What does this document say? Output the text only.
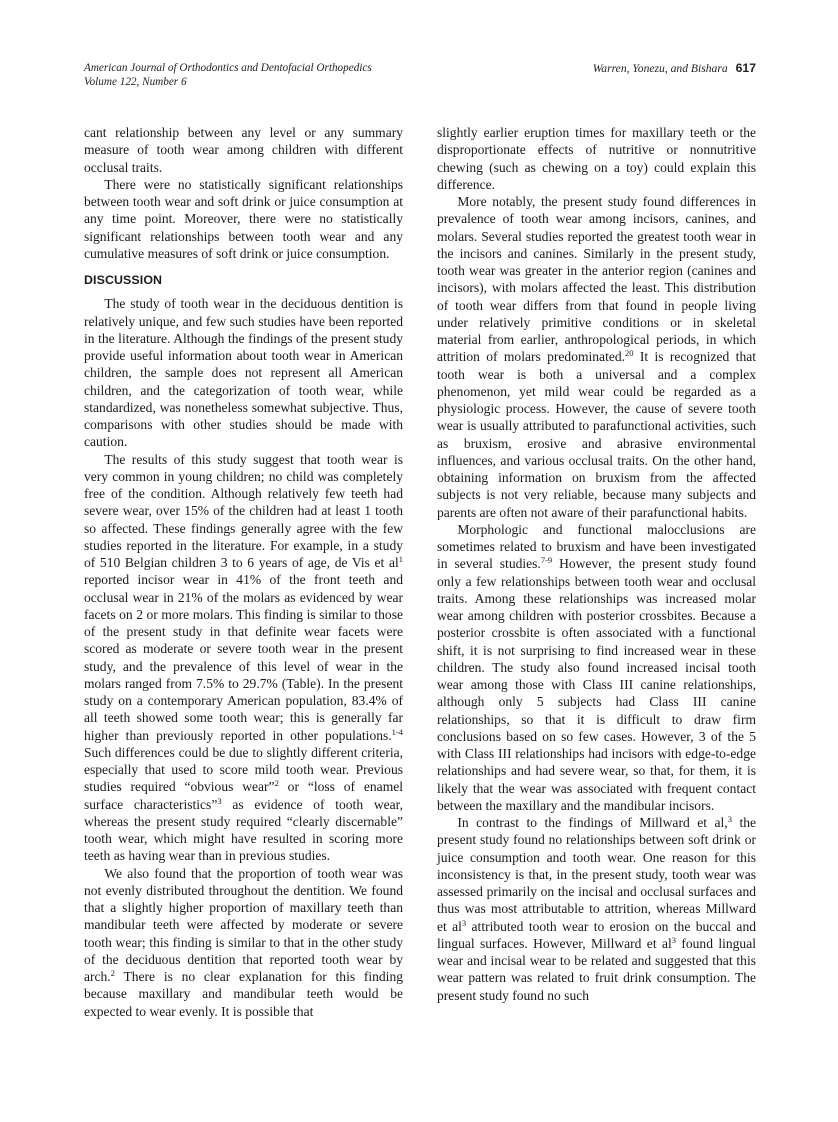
American Journal of Orthodontics and Dentofacial Orthopedics
Volume 122, Number 6
Warren, Yonezu, and Bishara 617

cant relationship between any level or any summary measure of tooth wear among children with different occlusal traits.

There were no statistically significant relationships between tooth wear and soft drink or juice consumption at any time point. Moreover, there were no statistically significant relationships between tooth wear and any cumulative measures of soft drink or juice consumption.

DISCUSSION

The study of tooth wear in the deciduous dentition is relatively unique, and few such studies have been reported in the literature. Although the findings of the present study provide useful information about tooth wear in American children, the sample does not represent all American children, and the categorization of tooth wear, while standardized, was nonetheless somewhat subjective. Thus, comparisons with other studies should be made with caution.

The results of this study suggest that tooth wear is very common in young children; no child was completely free of the condition. Although relatively few teeth had severe wear, over 15% of the children had at least 1 tooth so affected. These findings generally agree with the few studies reported in the literature. For example, in a study of 510 Belgian children 3 to 6 years of age, de Vis et $al^1$ reported incisor wear in 41% of the front teeth and occlusal wear in 21% of the molars as evidenced by wear facets on 2 or more molars. This finding is similar to those of the present study in that definite wear facets were scored as moderate or severe tooth wear in the present study, and the prevalence of this level of wear in the molars ranged from 7.5% to 29.7% (Table). In the present study on a contemporary American population, 83.4% of all teeth showed some tooth wear; this is generally far higher than previously reported in other populations.$^{1-4}$ Such differences could be due to slightly different criteria, especially that used to score mild tooth wear. Previous studies required “obvious wear”$^2$ or “loss of enamel surface characteristics”$^3$ as evidence of tooth wear, whereas the present study required “clearly discernable” tooth wear, which might have resulted in scoring more teeth as having wear than in previous studies.

We also found that the proportion of tooth wear was not evenly distributed throughout the dentition. We found that a slightly higher proportion of maxillary teeth than mandibular teeth were affected by moderate or severe tooth wear; this finding is similar to that in the other study of the deciduous dentition that reported tooth wear by arch.$^2$ There is no clear explanation for this finding because maxillary and mandibular teeth would be expected to wear evenly. It is possible that

slightly earlier eruption times for maxillary teeth or the disproportionate effects of nutritive or nonnutritive chewing (such as chewing on a toy) could explain this difference.

More notably, the present study found differences in prevalence of tooth wear among incisors, canines, and molars. Several studies reported the greatest tooth wear in the incisors and canines. Similarly in the present study, tooth wear was greater in the anterior region (canines and incisors), with molars affected the least. This distribution of tooth wear differs from that found in people living under relatively primitive conditions or in skeletal material from earlier, anthropological periods, in which attrition of molars predominated.$^{20}$ It is recognized that tooth wear is both a universal and a complex phenomenon, yet mild wear could be regarded as a physiologic process. However, the cause of severe tooth wear is usually attributed to parafunctional activities, such as bruxism, erosive and abrasive environmental influences, and various occlusal traits. On the other hand, obtaining information on bruxism from the affected subjects is not very reliable, because many subjects and parents are often not aware of their parafunctional habits.

Morphologic and functional malocclusions are sometimes related to bruxism and have been investigated in several studies.$^{7-9}$ However, the present study found only a few relationships between tooth wear and occlusal traits. Among these relationships was increased molar wear among children with posterior crossbites. Because a posterior crossbite is often associated with a functional shift, it is not surprising to find increased wear in these children. The study also found increased incisal tooth wear among those with Class III canine relationships, although only 5 subjects had Class III canine relationships, so that it is difficult to draw firm conclusions based on so few cases. However, 3 of the 5 with Class III relationships had incisors with edge-to-edge relationships and had severe wear, so that, for them, it is likely that the wear was associated with frequent contact between the maxillary and the mandibular incisors.

In contrast to the findings of Millward et al,$^3$ the present study found no relationships between soft drink or juice consumption and tooth wear. One reason for this inconsistency is that, in the present study, tooth wear was assessed primarily on the incisal and occlusal surfaces and thus was most attributable to attrition, whereas Millward et $al^3$ attributed tooth wear to erosion on the buccal and lingual surfaces. However, Millward et $al^3$ found lingual wear and incisal wear to be related and suggested that this wear pattern was related to fruit drink consumption. The present study found no such
